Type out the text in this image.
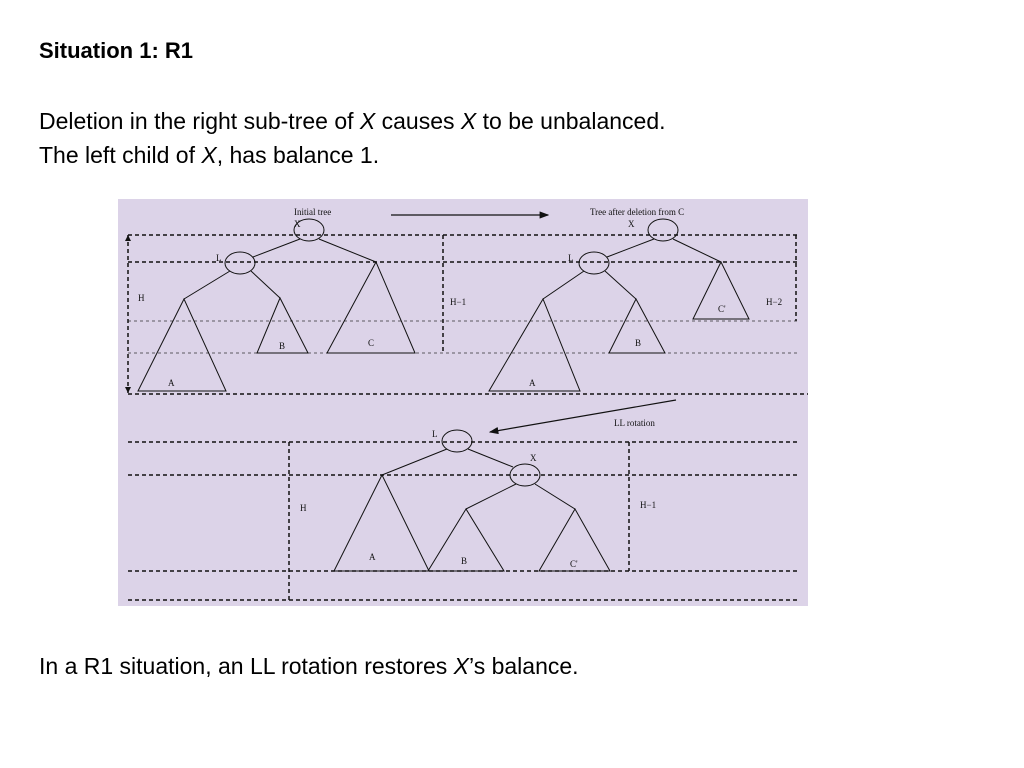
Situation 1: R1
Deletion in the right sub-tree of X causes X to be unbalanced.
The left child of X, has balance 1.
Initial tree
H	H−1	H−2
X
L
A
B	C
Tree after deletion from C
X
L
A
B
C'
LL rotation
H	H−1
L
X
A	B	C'
In a R1 situation, an LL rotation restores X’s balance.
